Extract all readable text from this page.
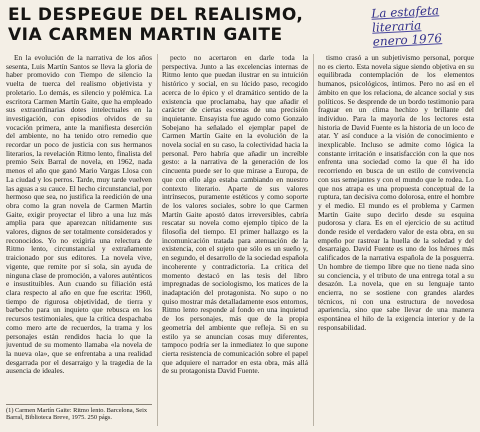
EL DESPEGUE DEL REALISMO,
VIA CARMEN MARTIN GAITE
La estafeta
literaria
enero 1976

En la evolución de la narrativa de los años sesenta, Luis Martín Santos se lleva la gloria de haber promovido con Tiempo de silencio la vuelta de tuerca del realismo objetivista y proletario. Lo demás, es silencio y polémica. La escritora Carmen Martín Gaite, que ha empleado sus extraordinarias dotes intelectuales en la investigación, con episodios olvidos de su vocación primera, ante la manifiesta deserción del ambiente, no ha tenido otro remedio que recordar un poco de justicia con sus hermanos literarios, la revelación Ritmo lento, finalista del premio Seix Barral de novela, en 1962, nada menos el año que ganó Mario Vargas Llosa con La ciudad y los perros. Tarde, muy tarde vuelven las aguas a su cauce. El hecho circunstancial, por hermoso que sea, no justifica la reedición de una obra como la gran novela de Carmen Martín Gaite, exigir proyectar el libro a una luz más amplia para que aparezcan nítidamente sus valores, dignos de ser totalmente considerados y reconocidos. Yo no exigiría una relectura de Ritmo lento, circunstancial y extrañamente traicionado por sus editores. La novela vive, vigente, que remite por sí sola, sin ayuda de ninguna clase de promoción, a valores auténticos e insustituibles. Aun cuando su filiación está clara respecto al año en que fue escrita: 1960, tiempo de rigurosa objetividad, de tierra y barbecho para un inquieto que rebusca en los recursos testimoniales, que la crítica despachaba como mero arte de recuerdos, la trama y los personajes están rendidos hacia lo que la juventud de su momento llamaba «la novela de la nueva ola», que se enfrentaba a una realidad desgarrada por el desarraigo y la tragedia de la ausencia de ideales.

(1) Carmen Martín Gaite: Ritmo lento. Barcelona, Seix Barral, Biblioteca Breve, 1975. 250 págs.

pecto no acertaron en darle toda la perspectiva. Junto a las excelencias internas de Ritmo lento que puedan ilustrar en su intuición histórico y social, en su lúcido paso, recogido acerca de lo épico y el dramático sentido de la existencia que proclamaba, hay que añadir el carácter de ciertas escenas de una precisión inquietante. Ensayista fue agudo como Gonzalo Sobejano ha señalado el ejemplar papel de Carmen Martín Gaite en la evolución de la novela social en su caso, la colectividad hacia la personal. Pero habría que añadir un increíble gesto: a la narrativa de la generación de los cincuenta puede ser lo que mirase a Europa, de que con ello algo estaba cambiando en nuestro contexto literario. Aparte de sus valores intrínsecos, puramente estéticos y como soporte de los valores sociales, sobre lo que Carmen Martín Gaite apostó datos irreversibles, cabría rescatar su novela como ejemplo típico de la filosofía del tiempo. El primer hallazgo es la incomunicación tratada para atenuación de la existencia, con el sujeto que sólo es un sueño y, en segundo, el desarrollo de la sociedad española incoherente y contradictoria. La crítica del momento destacó en las tesis del libro impregnadas de sociologismo, los matices de la inadaptación del protagonista. No supo o no quiso mostrar más detalladamente esos entornos, Ritmo lento responde al fondo en una inquietud de los personajes, más que de la propia geometría del ambiente que refleja. Si en su estilo ya se anuncian cosas muy diferentes, tampoco podría ser la inmediatez lo que supone cierta resistencia de comunicación sobre el papel que adquiere el narrador en esta obra, más allá de su protagonista David Fuente.

tismo crasó a un subjetivismo personal, porque no es cierto. Esta novela sigue siendo objetiva en su equilibrada contemplación de los elementos humanos, psicológicos, íntimos. Pero no así en el ámbito en que los relaciona, de alcance social y sus políticos. Se desprende de un bordo testimonio para fraguar en un clima hechizo y brillante del individuo. Para la mayoría de los lectores esta historia de David Fuente es la historia de un loco de atar. Y así conduce a la visión de conocimiento e inexplicable. Incluso se admite como lógica la constante irritación e insatisfacción con la que nos enfrenta una sociedad como la que él ha ido recorriendo en busca de un estilo de convivencia con sus semejantes y con el mundo que le rodea. Lo que nos atrapa es una propuesta conceptual de la ruptura, tan decisiva como dolorosa, entre el hombre y el medio. El mundo es el problema y Carmen Martín Gaite supo decirlo desde su esquina pudorosa y clara. Es en el ejercicio de su actitud donde reside el verdadero valor de esta obra, en su empeño por rastrear la huella de la soledad y del desarraigo. David Fuente es uno de los héroes más calificados de la narrativa española de la posguerra. Un hombre de tiempo libre que no tiene nada sino su conciencia, y el tributo de una entrega total a su desazón. La novela, que en su lenguaje tanto encierra, no se sostiene con grandes alardes técnicos, ni con una estructura de novedosa apariencia, sino que sabe llevar de una manera espontánea el hilo de la exigencia interior y de la responsabilidad.
